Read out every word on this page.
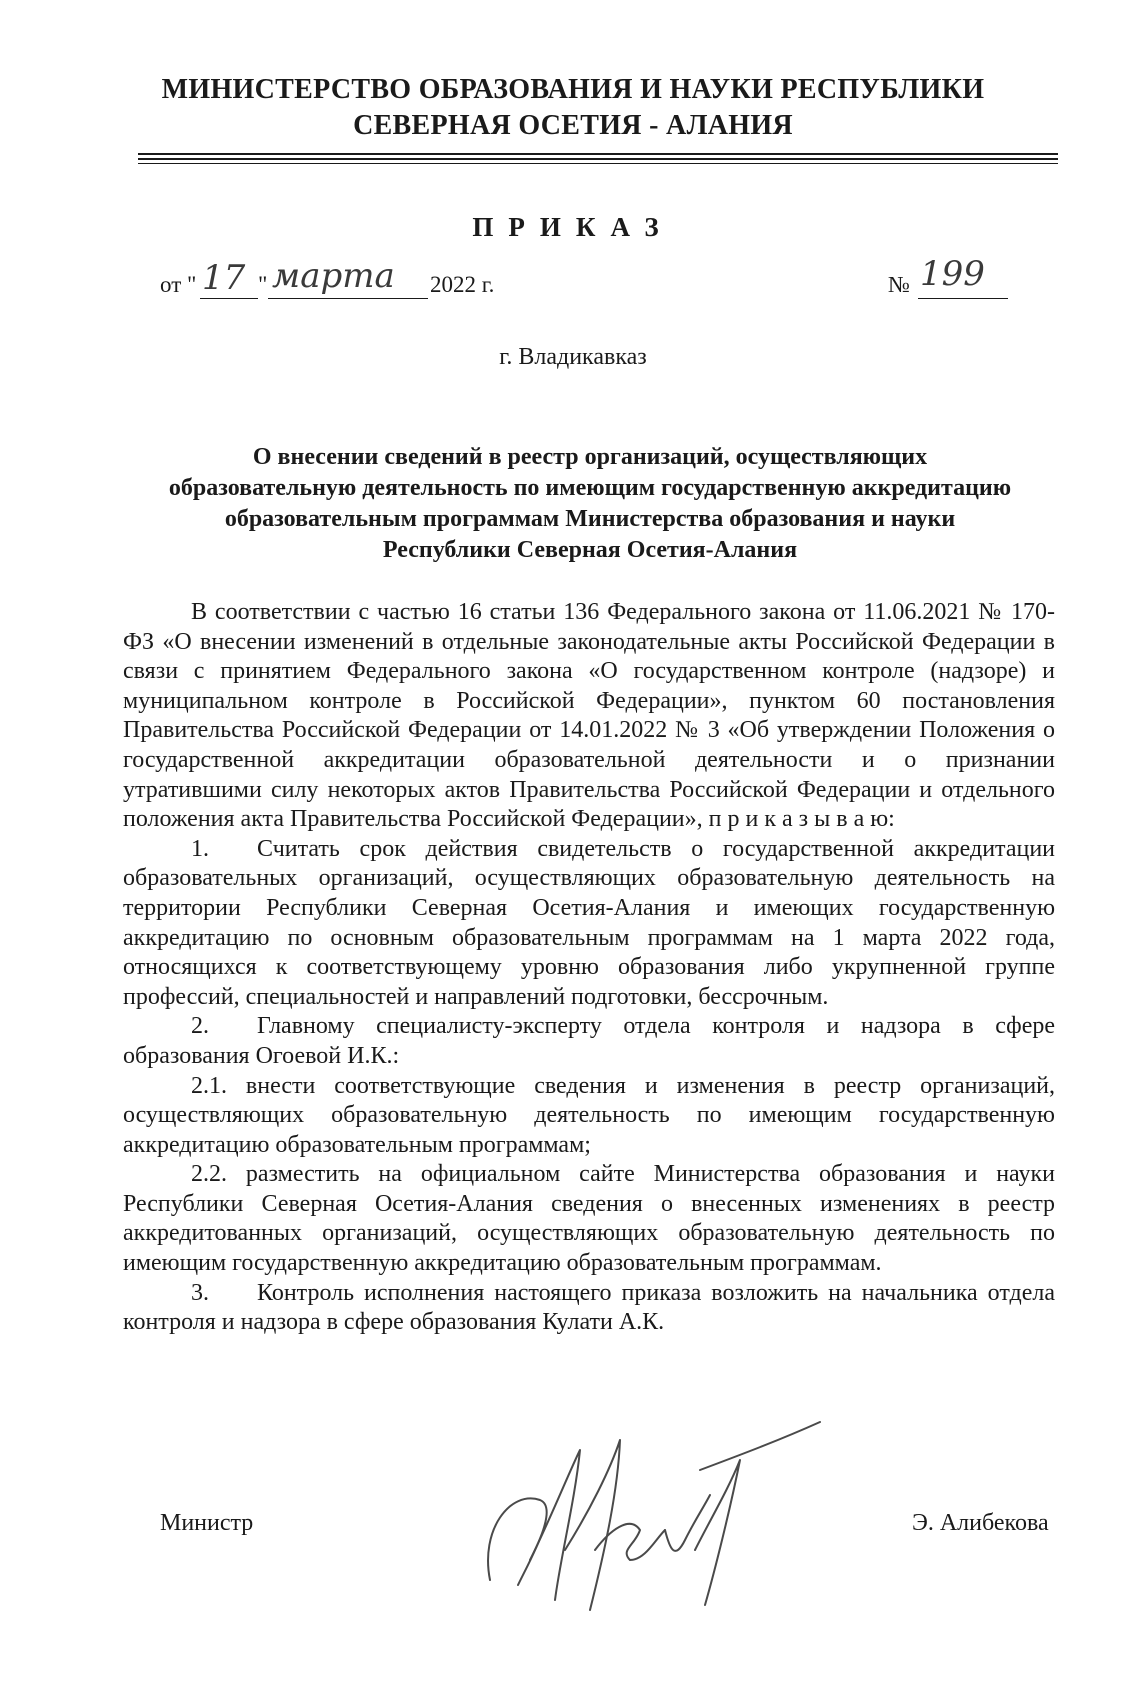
МИНИСТЕРСТВО ОБРАЗОВАНИЯ И НАУКИ РЕСПУБЛИКИ
СЕВЕРНАЯ ОСЕТИЯ - АЛАНИЯ
ПРИКАЗ
от " 17 " марта 2022 г.	№ 199
г. Владикавказ
О внесении сведений в реестр организаций, осуществляющих
образовательную деятельность по имеющим государственную аккредитацию
образовательным программам Министерства образования и науки
Республики Северная Осетия-Алания

В соответствии с частью 16 статьи 136 Федерального закона от 11.06.2021 № 170-ФЗ «О внесении изменений в отдельные законодательные акты Российской Федерации в связи с принятием Федерального закона «О государственном контроле (надзоре) и муниципальном контроле в Российской Федерации», пунктом 60 постановления Правительства Российской Федерации от 14.01.2022 № 3 «Об утверждении Положения о государственной аккредитации образовательной деятельности и о признании утратившими силу некоторых актов Правительства Российской Федерации и отдельного положения акта Правительства Российской Федерации», п р и к а з ы в а ю:

1. Считать срок действия свидетельств о государственной аккредитации образовательных организаций, осуществляющих образовательную деятельность на территории Республики Северная Осетия-Алания и имеющих государственную аккредитацию по основным образовательным программам на 1 марта 2022 года, относящихся к соответствующему уровню образования либо укрупненной группе профессий, специальностей и направлений подготовки, бессрочным.

2. Главному специалисту-эксперту отдела контроля и надзора в сфере образования Огоевой И.К.:

2.1. внести соответствующие сведения и изменения в реестр организаций, осуществляющих образовательную деятельность по имеющим государственную аккредитацию образовательным программам;

2.2. разместить на официальном сайте Министерства образования и науки Республики Северная Осетия-Алания сведения о внесенных изменениях в реестр аккредитованных организаций, осуществляющих образовательную деятельность по имеющим государственную аккредитацию образовательным программам.

3. Контроль исполнения настоящего приказа возложить на начальника отдела контроля и надзора в сфере образования Кулати А.К.

Министр	Э. Алибекова
